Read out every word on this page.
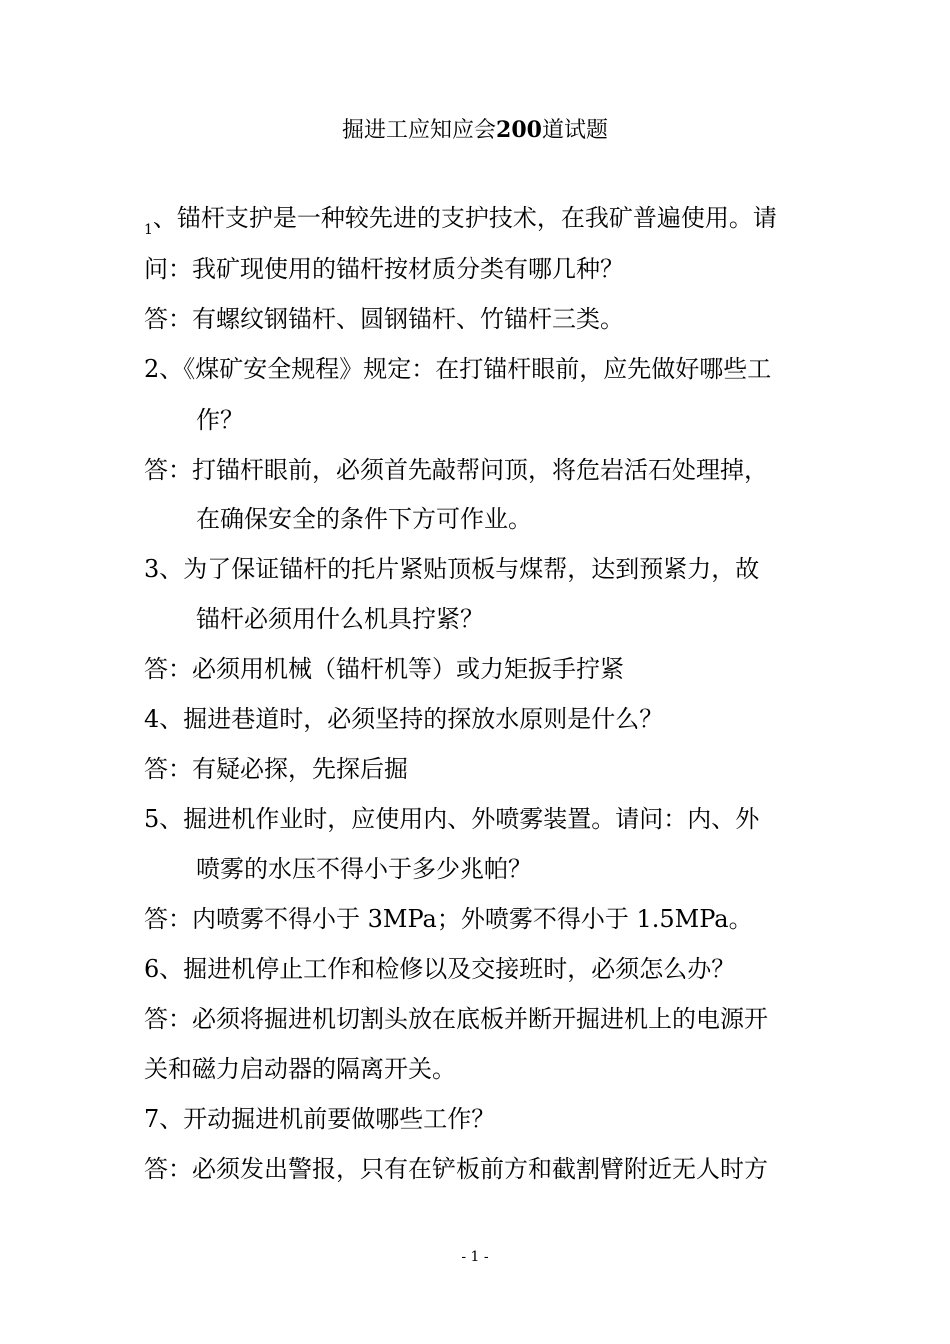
掘进工应知应会200道试题
$_1$、锚杆支护是一种较先进的支护技术，在我矿普遍使用。请
问：我矿现使用的锚杆按材质分类有哪几种？
答：有螺纹钢锚杆、圆钢锚杆、竹锚杆三类。
2、《煤矿安全规程》规定：在打锚杆眼前，应先做好哪些工
作？
答：打锚杆眼前，必须首先敲帮问顶，将危岩活石处理掉，
在确保安全的条件下方可作业。
3、为了保证锚杆的托片紧贴顶板与煤帮，达到预紧力，故
锚杆必须用什么机具拧紧？
答：必须用机械（锚杆机等）或力矩扳手拧紧
4、掘进巷道时，必须坚持的探放水原则是什么？
答：有疑必探，先探后掘
5、掘进机作业时，应使用内、外喷雾装置。请问：内、外
喷雾的水压不得小于多少兆帕？
答：内喷雾不得小于 3MPa；外喷雾不得小于 1.5MPa。
6、掘进机停止工作和检修以及交接班时，必须怎么办？
答：必须将掘进机切割头放在底板并断开掘进机上的电源开
关和磁力启动器的隔离开关。
7、开动掘进机前要做哪些工作？
答：必须发出警报，只有在铲板前方和截割臂附近无人时方
- 1 -
